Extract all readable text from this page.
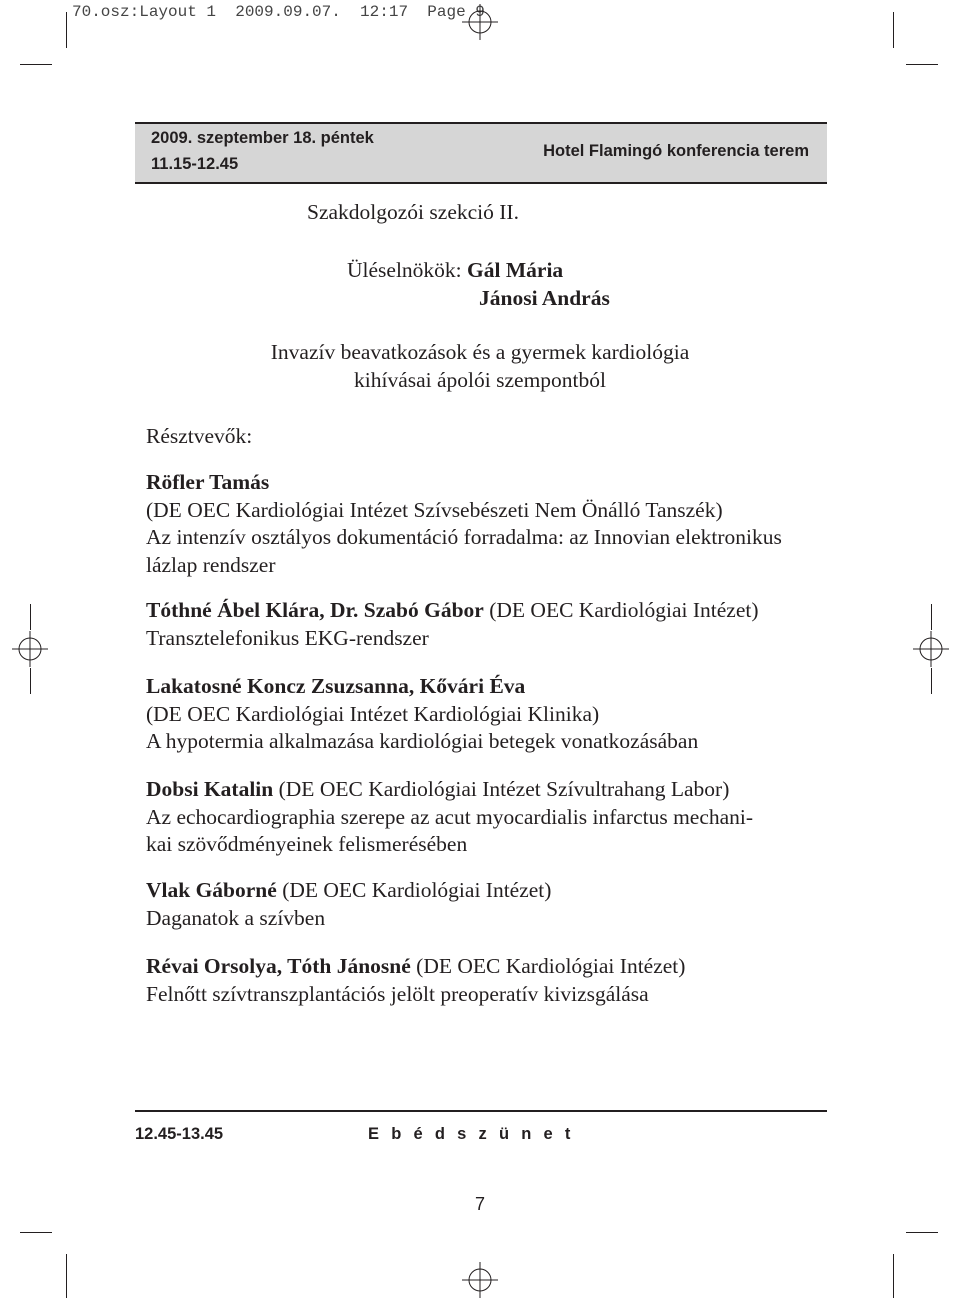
70.osz:Layout 1  2009.09.07.  12:17  Page 9
2009. szeptember 18. péntek
11.15-12.45
Hotel Flamingó konferencia terem
Szakdolgozói szekció II.
Üléselnökök: Gál Mária
Jánosi András
Invazív beavatkozások és a gyermek kardiológia
kihívásai ápolói szempontból
Résztvevők:
Röfler Tamás
(DE OEC Kardiológiai Intézet Szívsebészeti Nem Önálló Tanszék)
Az intenzív osztályos dokumentáció forradalma: az Innovian elektronikus
lázlap rendszer
Tóthné Ábel Klára, Dr. Szabó Gábor (DE OEC Kardiológiai Intézet)
Transztelefonikus EKG-rendszer
Lakatosné Koncz Zsuzsanna, Kővári Éva
(DE OEC Kardiológiai Intézet Kardiológiai Klinika)
A hypotermia alkalmazása kardiológiai betegek vonatkozásában
Dobsi Katalin (DE OEC Kardiológiai Intézet Szívultrahang Labor)
Az echocardiographia szerepe az acut myocardialis infarctus mechani-
kai szövődményeinek felismerésében
Vlak Gáborné (DE OEC Kardiológiai Intézet)
Daganatok a szívben
Révai Orsolya, Tóth Jánosné (DE OEC Kardiológiai Intézet)
Felnőtt szívtranszplantációs jelölt preoperatív kivizsgálása
12.45-13.45	Ebédszünet
7
